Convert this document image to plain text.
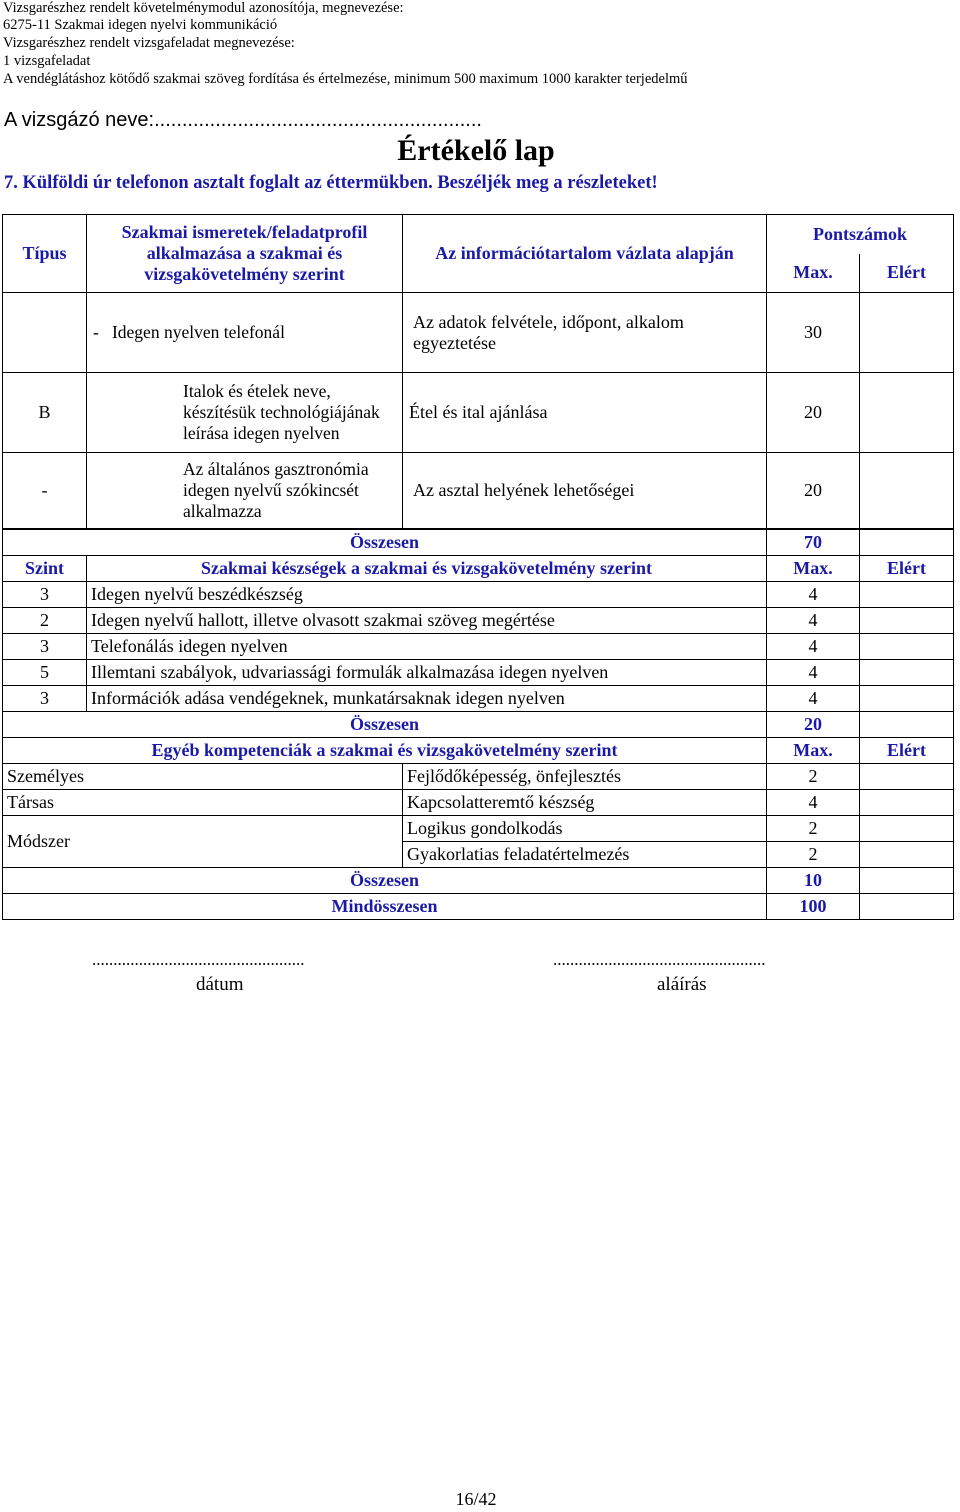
Vizsgarészhez rendelt követelménymodul azonosítója, megnevezése:
6275-11 Szakmai idegen nyelvi kommunikáció
Vizsgarészhez rendelt vizsgafeladat megnevezése:
1 vizsgafeladat
A vendéglátáshoz kötődő szakmai szöveg fordítása és értelmezése, minimum 500 maximum 1000 karakter terjedelmű
A vizsgázó neve:...........................................................
Értékelő lap
7. Külföldi úr telefonon asztalt foglalt az éttermükben. Beszéljék meg a részleteket!
Típus	Szakmai ismeretek/feladatprofil alkalmazása a szakmai és vizsgakövetelmény szerint	Az információtartalom vázlata alapján	Pontszámok	
			Max.	Elért
	-   Idegen nyelven telefonál	Az adatok felvétele, időpont, alkalom egyeztetése	30	
B	Italok és ételek neve, készítésük technológiájának leírása idegen nyelven	Étel és ital ajánlása	20	
-	Az általános gasztronómia idegen nyelvű szókincsét alkalmazza	Az asztal helyének lehetőségei	20	
Összesen			70	
Szint	Szakmai készségek a szakmai és vizsgakövetelmény szerint		Max.	Elért
3	Idegen nyelvű beszédkészség		4	
2	Idegen nyelvű hallott, illetve olvasott szakmai szöveg megértése		4	
3	Telefonálás idegen nyelven		4	
5	Illemtani szabályok, udvariassági formulák alkalmazása idegen nyelven		4	
3	Információk adása vendégeknek, munkatársaknak idegen nyelven		4	
Összesen			20	
Egyéb kompetenciák a szakmai és vizsgakövetelmény szerint			Max.	Elért
Személyes		Fejlődőképesség, önfejlesztés	2	
Társas		Kapcsolatteremtő készség	4	
Módszer		Logikus gondolkodás	2	
		Gyakorlatias feladatértelmezés	2	
Összesen			10	
Mindösszesen			100	
..................................................
dátum
..................................................
aláírás
16/42
